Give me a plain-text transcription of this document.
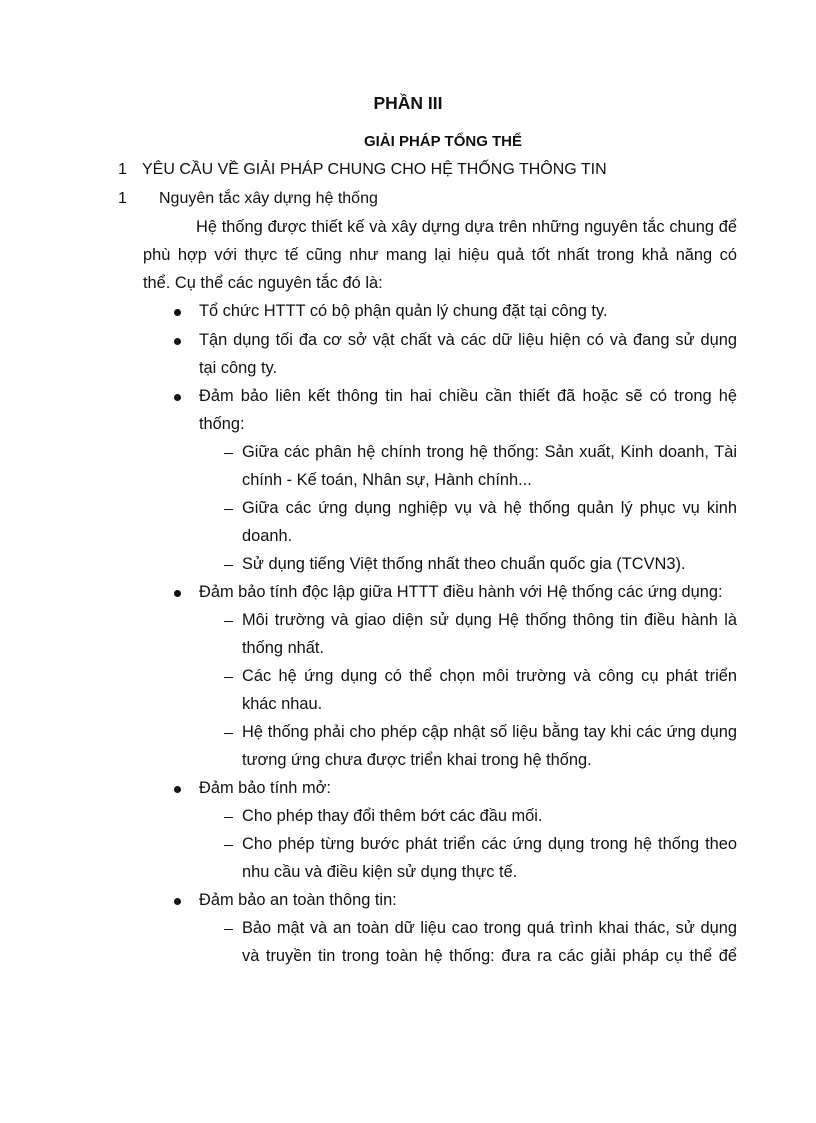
PHẦN III
GIẢI PHÁP TỔNG THỂ
1 YÊU CẦU VỀ GIẢI PHÁP CHUNG CHO HỆ THỐNG THÔNG TIN
1 Nguyên tắc xây dựng hệ thống
Hệ thống được thiết kế và xây dựng dựa trên những nguyên tắc chung để
phù hợp với thực tế cũng như mang lại hiệu quả tốt nhất trong khả năng có
thể. Cụ thể các nguyên tắc đó là:
Tổ chức HTTT có bộ phận quản lý chung đặt tại công ty.
Tận dụng tối đa cơ sở vật chất và các dữ liệu hiện có và đang sử dụng
tại công ty.
Đảm bảo liên kết thông tin hai chiều cần thiết đã hoặc sẽ có trong hệ
thống:
Giữa các phân hệ chính trong hệ thống: Sản xuất, Kinh doanh, Tài
chính - Kế toán, Nhân sự, Hành chính...
Giữa các ứng dụng nghiệp vụ và hệ thống quản lý phục vụ kinh
doanh.
Sử dụng tiếng Việt thống nhất theo chuẩn quốc gia (TCVN3).
Đảm bảo tính độc lập giữa HTTT điều hành với Hệ thống các ứng dụng:
Môi trường và giao diện sử dụng Hệ thống thông tin điều hành là
thống nhất.
Các hệ ứng dụng có thể chọn môi trường và công cụ phát triển
khác nhau.
Hệ thống phải cho phép cập nhật số liệu bằng tay khi các ứng dụng
tương ứng chưa được triển khai trong hệ thống.
Đảm bảo tính mở:
Cho phép thay đổi thêm bớt các đầu mối.
Cho phép từng bước phát triển các ứng dụng trong hệ thống theo
nhu cầu và điều kiện sử dụng thực tế.
Đảm bảo an toàn thông tin:
Bảo mật và an toàn dữ liệu cao trong quá trình khai thác, sử dụng
và truyền tin trong toàn hệ thống: đưa ra các giải pháp cụ thể để
